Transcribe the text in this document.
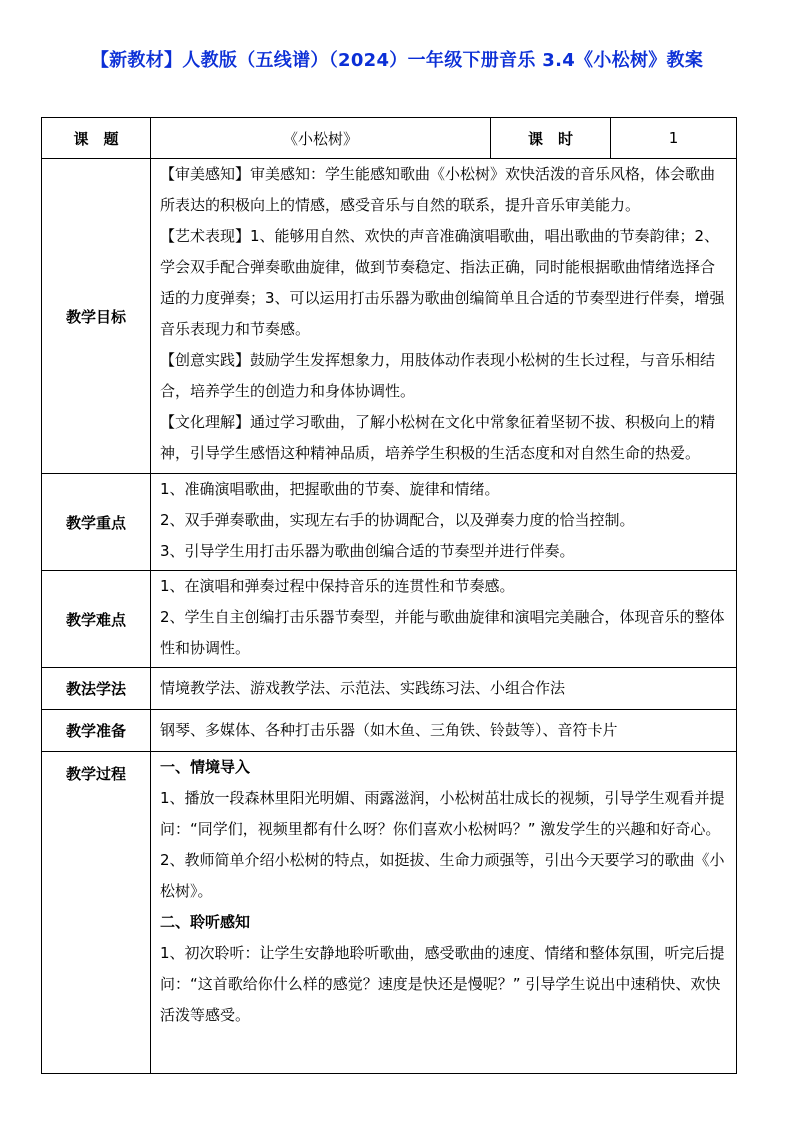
【新教材】人教版（五线谱）（2024）一年级下册音乐 3.4《小松树》教案
课　题	《小松树》	课　时	1
教学目标	【审美感知】审美感知：学生能感知歌曲《小松树》欢快活泼的音乐风格，体会歌曲所表达的积极向上的情感，感受音乐与自然的联系，提升音乐审美能力。
【艺术表现】1、能够用自然、欢快的声音准确演唱歌曲，唱出歌曲的节奏韵律；2、学会双手配合弹奏歌曲旋律，做到节奏稳定、指法正确，同时能根据歌曲情绪选择合适的力度弹奏；3、可以运用打击乐器为歌曲创编简单且合适的节奏型进行伴奏，增强音乐表现力和节奏感。
【创意实践】鼓励学生发挥想象力，用肢体动作表现小松树的生长过程，与音乐相结合，培养学生的创造力和身体协调性。
【文化理解】通过学习歌曲，了解小松树在文化中常象征着坚韧不拔、积极向上的精神，引导学生感悟这种精神品质，培养学生积极的生活态度和对自然生命的热爱。		

教学重点	1、准确演唱歌曲，把握歌曲的节奏、旋律和情绪。
2、双手弹奏歌曲，实现左右手的协调配合，以及弹奏力度的恰当控制。
3、引导学生用打击乐器为歌曲创编合适的节奏型并进行伴奏。		

教学难点	1、在演唱和弹奏过程中保持音乐的连贯性和节奏感。
2、学生自主创编打击乐器节奏型，并能与歌曲旋律和演唱完美融合，体现音乐的整体性和协调性。		

教法学法	情境教学法、游戏教学法、示范法、实践练习法、小组合作法		

教学准备	钢琴、多媒体、各种打击乐器（如木鱼、三角铁、铃鼓等）、音符卡片		

教学过程	一、情境导入
1、播放一段森林里阳光明媚、雨露滋润，小松树茁壮成长的视频，引导学生观看并提问：“同学们，视频里都有什么呀？你们喜欢小松树吗？” 激发学生的兴趣和好奇心。
2、教师简单介绍小松树的特点，如挺拔、生命力顽强等，引出今天要学习的歌曲《小松树》。
二、聆听感知
1、初次聆听：让学生安静地聆听歌曲，感受歌曲的速度、情绪和整体氛围，听完后提问：“这首歌给你什么样的感觉？速度是快还是慢呢？” 引导学生说出中速稍快、欢快活泼等感受。		
